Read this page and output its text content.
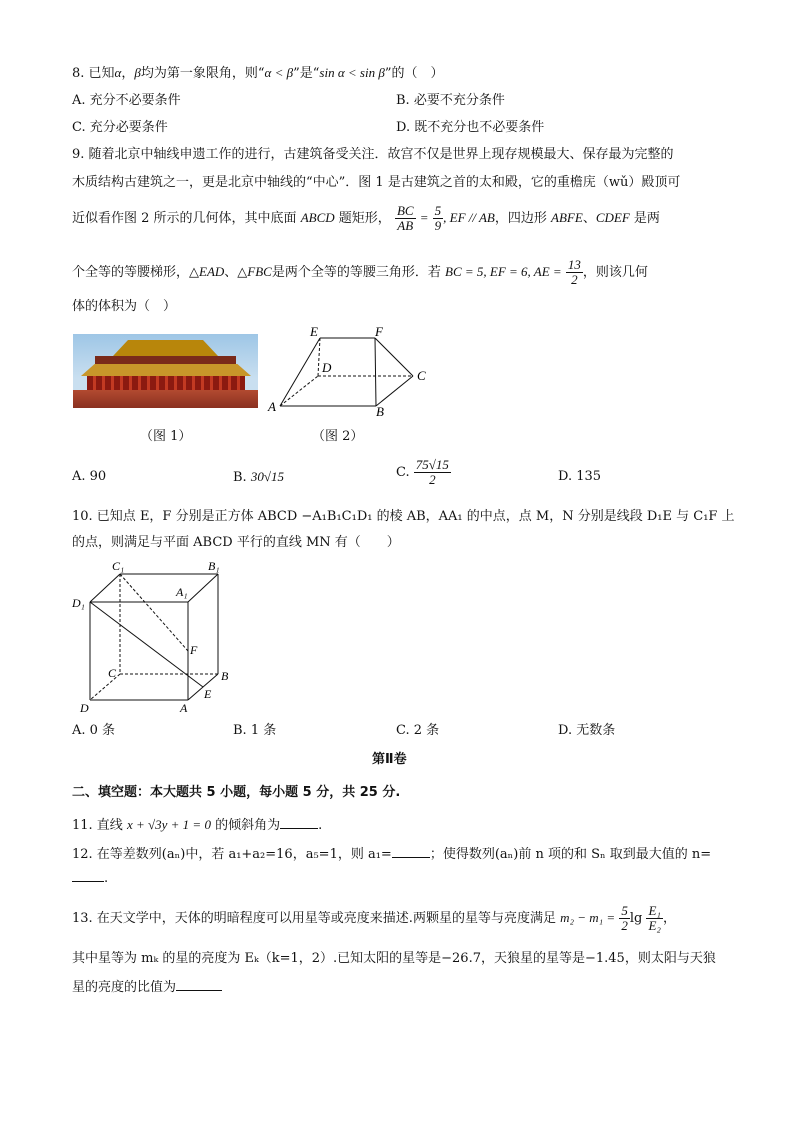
8. 已知α，β均为第一象限角，则“α < β”是“sin α < sin β”的（　）
A. 充分不必要条件	B. 必要不充分条件
C. 充分必要条件	D. 既不充分也不必要条件
9. 随着北京中轴线申遗工作的进行，古建筑备受关注．故宫不仅是世界上现存规模最大、保存最为完整的
木质结构古建筑之一，更是北京中轴线的“中心”．图 1 是古建筑之首的太和殿，它的重檐庑（wǔ）殿顶可
近似看作图 2 所示的几何体，其中底面 ABCD 题矩形， $\frac{BC}{AB} = \frac{5}{9}$ , EF // AB，四边形 ABFE、CDEF 是两
个全等的等腰梯形，△EAD、△FBC是两个全等的等腰三角形．若 BC = 5, EF = 6, AE = $\frac{13}{2}$ ，则该几何
体的体积为（　）
（图 1）
E	F
D
C
A	B
（图 2）
A. 90	B. 30√15	C. $\frac{75√15}{2}$	D. 135
10. 已知点 E，F 分别是正方体 ABCD −A₁B₁C₁D₁ 的棱 AB，AA₁ 的中点，点 M，N 分别是线段 D₁E 与 C₁F 上
的点，则满足与平面 ABCD 平行的直线 MN 有（　　）
C₁	B₁
A₁
D₁
F
C	B
E
D	A
A. 0 条	B. 1 条	C. 2 条	D. 无数条
第Ⅱ卷
二、填空题：本大题共 5 小题，每小题 5 分，共 25 分.
11. 直线 x + √3y + 1 = 0 的倾斜角为	.
12. 在等差数列(aₙ)中，若 a₁+a₂=16，a₅=1，则 a₁=	；使得数列(aₙ)前 n 项的和 Sₙ 取到最大值的 n=
.
13. 在天文学中，天体的明暗程度可以用星等或亮度来描述.两颗星的星等与亮度满足 $m_2 - m_1 = \frac{5}{2}$ $\lg \frac{\text{E₁}}{\text{E₂}}$ ，
其中星等为 mₖ 的星的亮度为 Eₖ（k=1，2）.已知太阳的星等是−26.7，天狼星的星等是−1.45，则太阳与天狼
星的亮度的比值为
